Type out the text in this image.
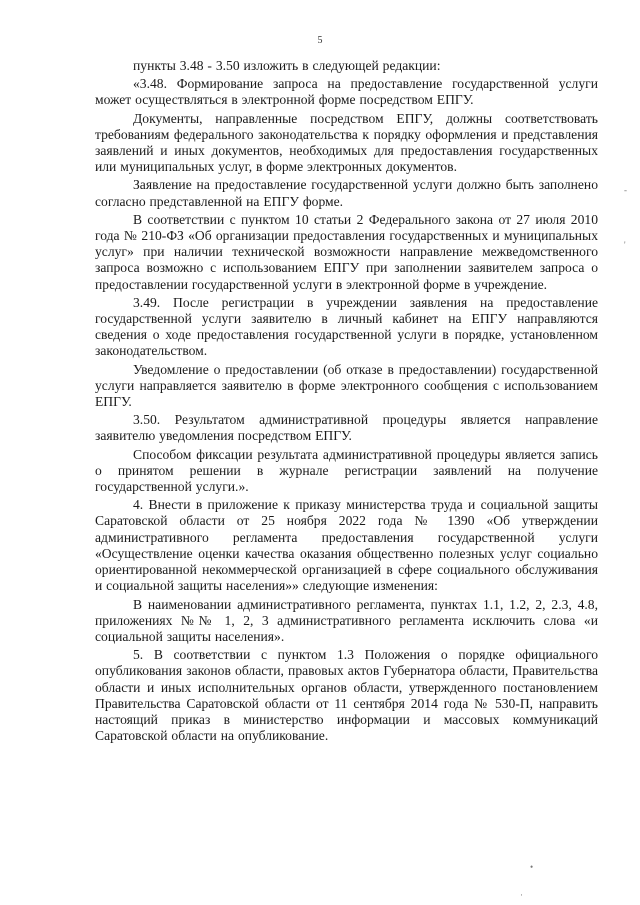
5

пункты 3.48 - 3.50 изложить в следующей редакции:

«3.48. Формирование запроса на предоставление государственной услуги может осуществляться в электронной форме посредством ЕПГУ.

Документы, направленные посредством ЕПГУ, должны соответствовать требованиям федерального законодательства к порядку оформления и представления заявлений и иных документов, необходимых для предоставления государственных или муниципальных услуг, в форме электронных документов.

Заявление на предоставление государственной услуги должно быть заполнено согласно представленной на ЕПГУ форме.

В соответствии с пунктом 10 статьи 2 Федерального закона от 27 июля 2010 года № 210-ФЗ «Об организации предоставления государственных и муниципальных услуг» при наличии технической возможности направление межведомственного запроса возможно с использованием ЕПГУ при заполнении заявителем запроса о предоставлении государственной услуги в электронной форме в учреждение.

3.49. После регистрации в учреждении заявления на предоставление государственной услуги заявителю в личный кабинет на ЕПГУ направляются сведения о ходе предоставления государственной услуги в порядке, установленном законодательством.

Уведомление о предоставлении (об отказе в предоставлении) государственной услуги направляется заявителю в форме электронного сообщения с использованием ЕПГУ.

3.50. Результатом административной процедуры является направление заявителю уведомления посредством ЕПГУ.

Способом фиксации результата административной процедуры является запись о принятом решении в журнале регистрации заявлений на получение государственной услуги.».

4. Внести в приложение к приказу министерства труда и социальной защиты Саратовской области от 25 ноября 2022 года № 1390 «Об утверждении административного регламента предоставления государственной услуги «Осуществление оценки качества оказания общественно полезных услуг социально ориентированной некоммерческой организацией в сфере социального обслуживания и социальной защиты населения»» следующие изменения:

В наименовании административного регламента, пунктах 1.1, 1.2, 2, 2.3, 4.8, приложениях №№ 1, 2, 3 административного регламента исключить слова «и социальной защиты населения».

5. В соответствии с пунктом 1.3 Положения о порядке официального опубликования законов области, правовых актов Губернатора области, Правительства области и иных исполнительных органов области, утвержденного постановлением Правительства Саратовской области от 11 сентября 2014 года № 530-П, направить настоящий приказ в министерство информации и массовых коммуникаций Саратовской области на опубликование.

-
'
•
·
